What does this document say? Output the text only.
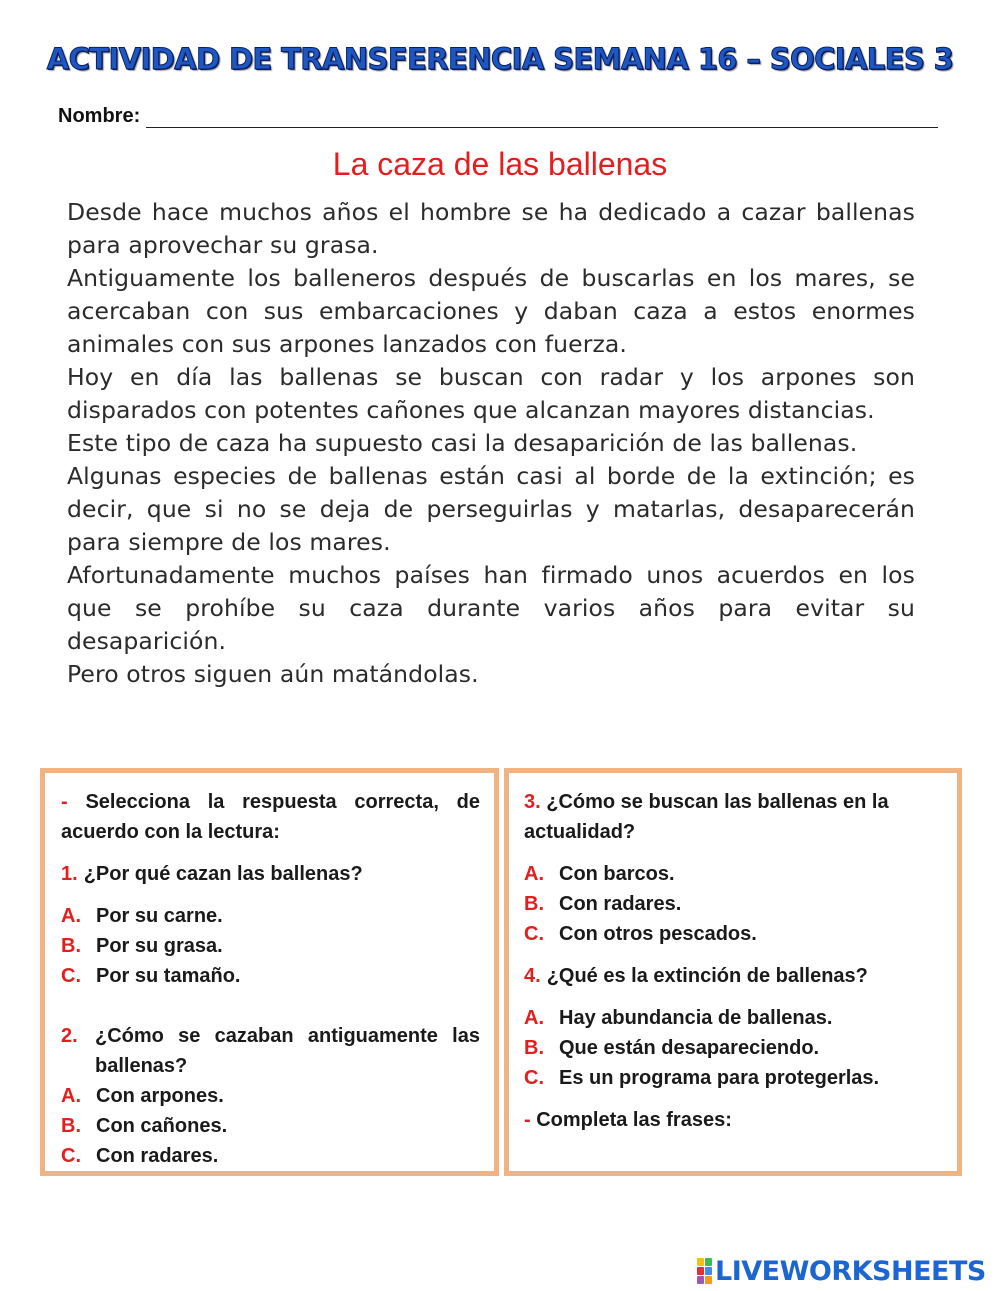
ACTIVIDAD DE TRANSFERENCIA SEMANA 16 – SOCIALES 3
Nombre:
La caza de las ballenas

Desde hace muchos años el hombre se ha dedicado a cazar ballenas para aprovechar su grasa.

Antiguamente los balleneros después de buscarlas en los mares, se acercaban con sus embarcaciones y daban caza a estos enormes animales con sus arpones lanzados con fuerza.

Hoy en día las ballenas se buscan con radar y los arpones son disparados con potentes cañones que alcanzan mayores distancias.

Este tipo de caza ha supuesto casi la desaparición de las ballenas.

Algunas especies de ballenas están casi al borde de la extinción; es decir, que si no se deja de perseguirlas y matarlas, desaparecerán para siempre de los mares.

Afortunadamente muchos países han firmado unos acuerdos en los que se prohíbe su caza durante varios años para evitar su desaparición.

Pero otros siguen aún matándolas.

- Selecciona la respuesta correcta, de acuerdo con la lectura:
1. ¿Por qué cazan las ballenas?
A. Por su carne.
B. Por su grasa.
C. Por su tamaño.
2. ¿Cómo se cazaban antiguamente las ballenas?
A. Con arpones.
B. Con cañones.
C. Con radares.
3. ¿Cómo se buscan las ballenas en la actualidad?
A. Con barcos.
B. Con radares.
C. Con otros pescados.
4. ¿Qué es la extinción de ballenas?
A. Hay abundancia de ballenas.
B. Que están desapareciendo.
C. Es un programa para protegerlas.
- Completa las frases:
LIVEWORKSHEETS
